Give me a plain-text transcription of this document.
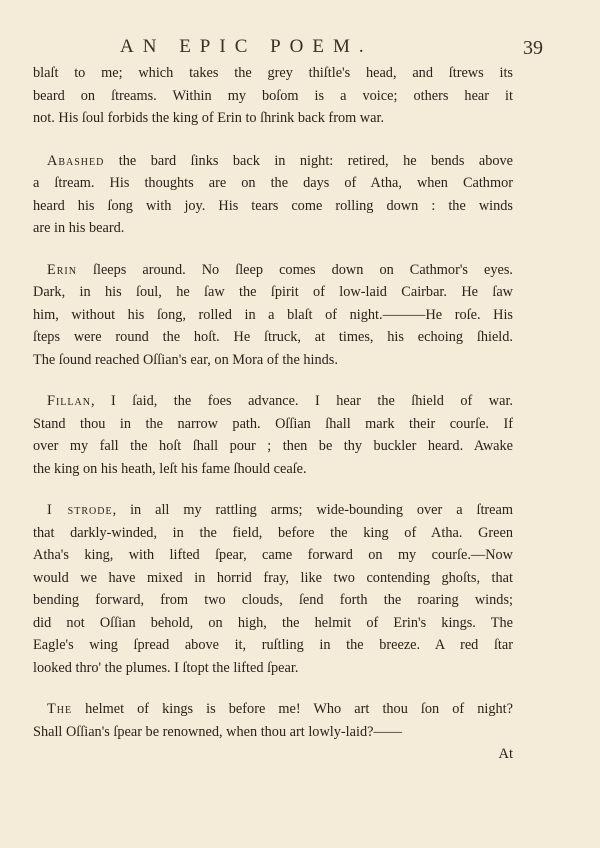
AN EPIC POEM.	39

blaſt to me; which takes the grey thiſtle's head, and ſtrews its
beard on ſtreams. Within my boſom is a voice; others hear it
not. His ſoul forbids the king of Erin to ſhrink back from war.

Abashed the bard ſinks back in night: retired, he bends above
a ſtream. His thoughts are on the days of Atha, when Cathmor
heard his ſong with joy. His tears come rolling down : the winds
are in his beard.

Erin ſleeps around. No ſleep comes down on Cathmor's eyes.
Dark, in his ſoul, he ſaw the ſpirit of low-laid Cairbar. He ſaw
him, without his ſong, rolled in a blaſt of night.———He roſe. His
ſteps were round the hoſt. He ſtruck, at times, his echoing ſhield.
The ſound reached Oſſian's ear, on Mora of the hinds.

Fillan, I ſaid, the foes advance. I hear the ſhield of war.
Stand thou in the narrow path. Oſſian ſhall mark their courſe. If
over my fall the hoſt ſhall pour ; then be thy buckler heard. Awake
the king on his heath, leſt his fame ſhould ceaſe.

I strode, in all my rattling arms; wide-bounding over a ſtream
that darkly-winded, in the field, before the king of Atha. Green
Atha's king, with lifted ſpear, came forward on my courſe.—Now
would we have mixed in horrid fray, like two contending ghoſts, that
bending forward, from two clouds, ſend forth the roaring winds;
did not Oſſian behold, on high, the helmit of Erin's kings. The
Eagle's wing ſpread above it, ruſtling in the breeze. A red ſtar
looked thro' the plumes. I ſtopt the lifted ſpear.

The helmet of kings is before me! Who art thou ſon of night?
Shall Oſſian's ſpear be renowned, when thou art lowly-laid?——

At
